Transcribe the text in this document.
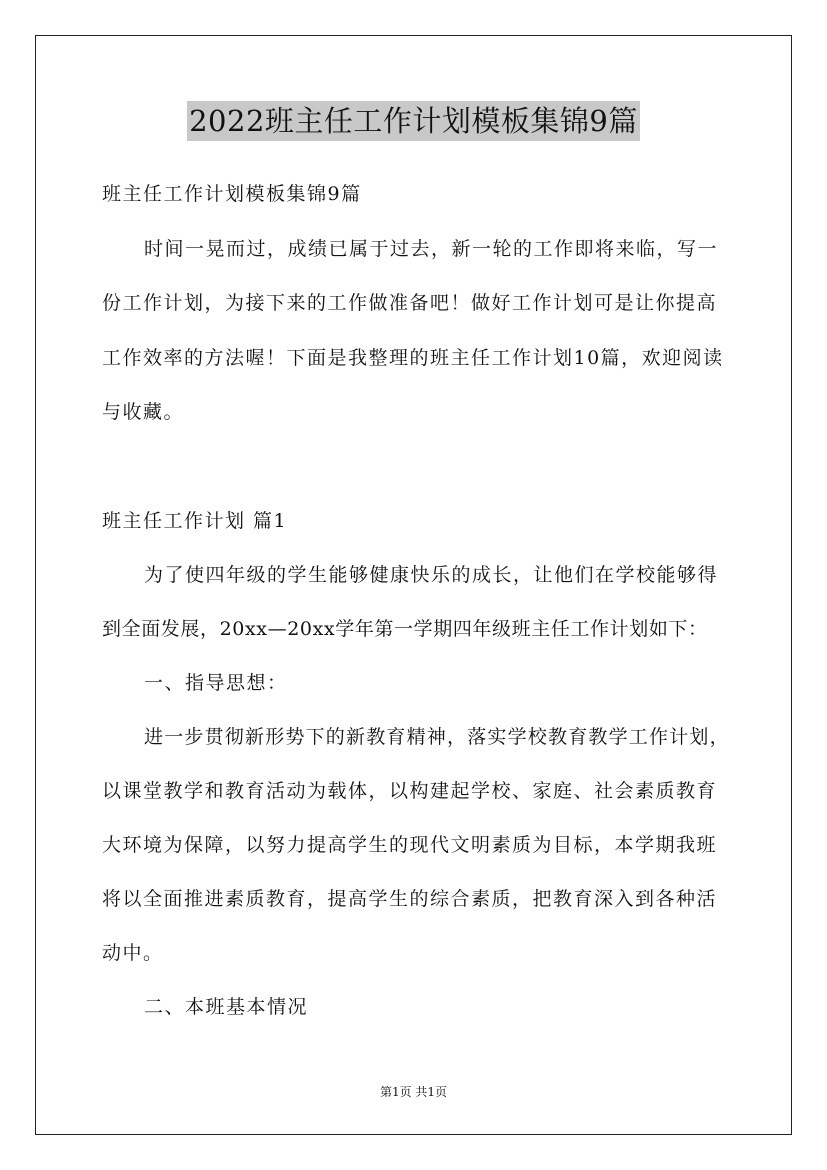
2022班主任工作计划模板集锦9篇
班主任工作计划模板集锦9篇
时间一晃而过，成绩已属于过去，新一轮的工作即将来临，写一
份工作计划，为接下来的工作做准备吧！做好工作计划可是让你提高
工作效率的方法喔！下面是我整理的班主任工作计划10篇，欢迎阅读
与收藏。
班主任工作计划 篇1
为了使四年级的学生能够健康快乐的成长，让他们在学校能够得
到全面发展，20xx—20xx学年第一学期四年级班主任工作计划如下：
一、指导思想：
进一步贯彻新形势下的新教育精神，落实学校教育教学工作计划，
以课堂教学和教育活动为载体，以构建起学校、家庭、社会素质教育
大环境为保障，以努力提高学生的现代文明素质为目标，本学期我班
将以全面推进素质教育，提高学生的综合素质，把教育深入到各种活
动中。
二、本班基本情况
第1页 共1页
